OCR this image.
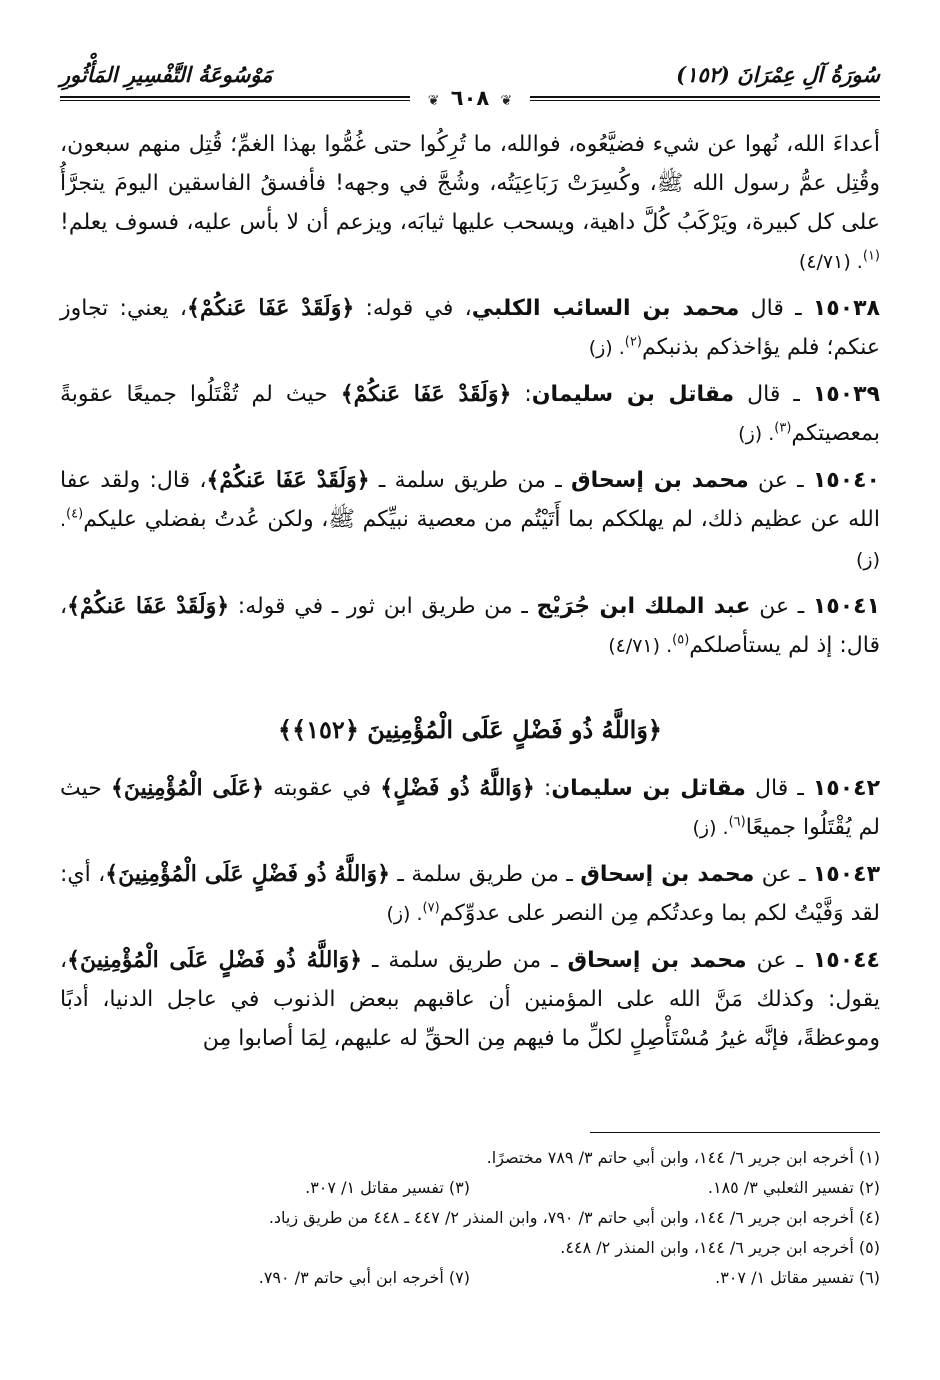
سُورَةُ آلِ عِمْرَانَ (١٥٢)
مَوْسُوعَةُ التَّفْسِيرِ المَأْثُورِ
❦ ٦٠٨ ❦

أعداءَ الله، نُهوا عن شيء فضيَّعُوه، فوالله، ما تُرِكُوا حتى غُمُّوا بهذا الغمِّ؛ قُتِل منهم سبعون، وقُتِل عمُّ رسول الله ﷺ، وكُسِرَتْ رَبَاعِيَتُه، وشُجَّ في وجهه! فأفسقُ الفاسقين اليومَ يتجرَّأُ على كل كبيرة، ويَرْكَبُ كُلَّ داهية، ويسحب عليها ثيابَه، ويزعم أن لا بأس عليه، فسوف يعلم!$^{(١)}$. (٤/٧١)

١٥٠٣٨ ـ قال محمد بن السائب الكلبي، في قوله: ﴿وَلَقَدْ عَفَا عَنكُمْ﴾، يعني: تجاوز عنكم؛ فلم يؤاخذكم بذنبكم$^{(٢)}$. (ز)

١٥٠٣٩ ـ قال مقاتل بن سليمان: ﴿وَلَقَدْ عَفَا عَنكُمْ﴾ حيث لم تُقْتَلُوا جميعًا عقوبةً بمعصيتكم$^{(٣)}$. (ز)

١٥٠٤٠ ـ عن محمد بن إسحاق ـ من طريق سلمة ـ ﴿وَلَقَدْ عَفَا عَنكُمْ﴾، قال: ولقد عفا الله عن عظيم ذلك، لم يهلككم بما أَتَيْتُم من معصية نبيِّكم ﷺ، ولكن عُدتُ بفضلي عليكم$^{(٤)}$. (ز)

١٥٠٤١ ـ عن عبد الملك ابن جُرَيْج ـ من طريق ابن ثور ـ في قوله: ﴿وَلَقَدْ عَفَا عَنكُمْ﴾، قال: إذ لم يستأصلكم$^{(٥)}$. (٤/٧١)

﴿وَاللَّهُ ذُو فَضْلٍ عَلَى الْمُؤْمِنِينَ ﴿١٥٢﴾﴾

١٥٠٤٢ ـ قال مقاتل بن سليمان: ﴿وَاللَّهُ ذُو فَضْلٍ﴾ في عقوبته ﴿عَلَى الْمُؤْمِنِينَ﴾ حيث لم يُقْتَلُوا جميعًا$^{(٦)}$. (ز)

١٥٠٤٣ ـ عن محمد بن إسحاق ـ من طريق سلمة ـ ﴿وَاللَّهُ ذُو فَضْلٍ عَلَى الْمُؤْمِنِينَ﴾، أي: لقد وَفَّيْتُ لكم بما وعدتُكم مِن النصر على عدوِّكم$^{(٧)}$. (ز)

١٥٠٤٤ ـ عن محمد بن إسحاق ـ من طريق سلمة ـ ﴿وَاللَّهُ ذُو فَضْلٍ عَلَى الْمُؤْمِنِينَ﴾، يقول: وكذلك مَنَّ الله على المؤمنين أن عاقبهم ببعض الذنوب في عاجل الدنيا، أدبًا وموعظةً، فإنَّه غيرُ مُسْتَأْصِلٍ لكلِّ ما فيهم مِن الحقِّ له عليهم، لِمَا أصابوا مِن

(١) أخرجه ابن جرير ٦/ ١٤٤، وابن أبي حاتم ٣/ ٧٨٩ مختصرًا.
(٢) تفسير الثعلبي ٣/ ١٨٥.
(٣) تفسير مقاتل ١/ ٣٠٧.
(٤) أخرجه ابن جرير ٦/ ١٤٤، وابن أبي حاتم ٣/ ٧٩٠، وابن المنذر ٢/ ٤٤٧ ـ ٤٤٨ من طريق زياد.
(٥) أخرجه ابن جرير ٦/ ١٤٤، وابن المنذر ٢/ ٤٤٨.
(٦) تفسير مقاتل ١/ ٣٠٧.
(٧) أخرجه ابن أبي حاتم ٣/ ٧٩٠.
